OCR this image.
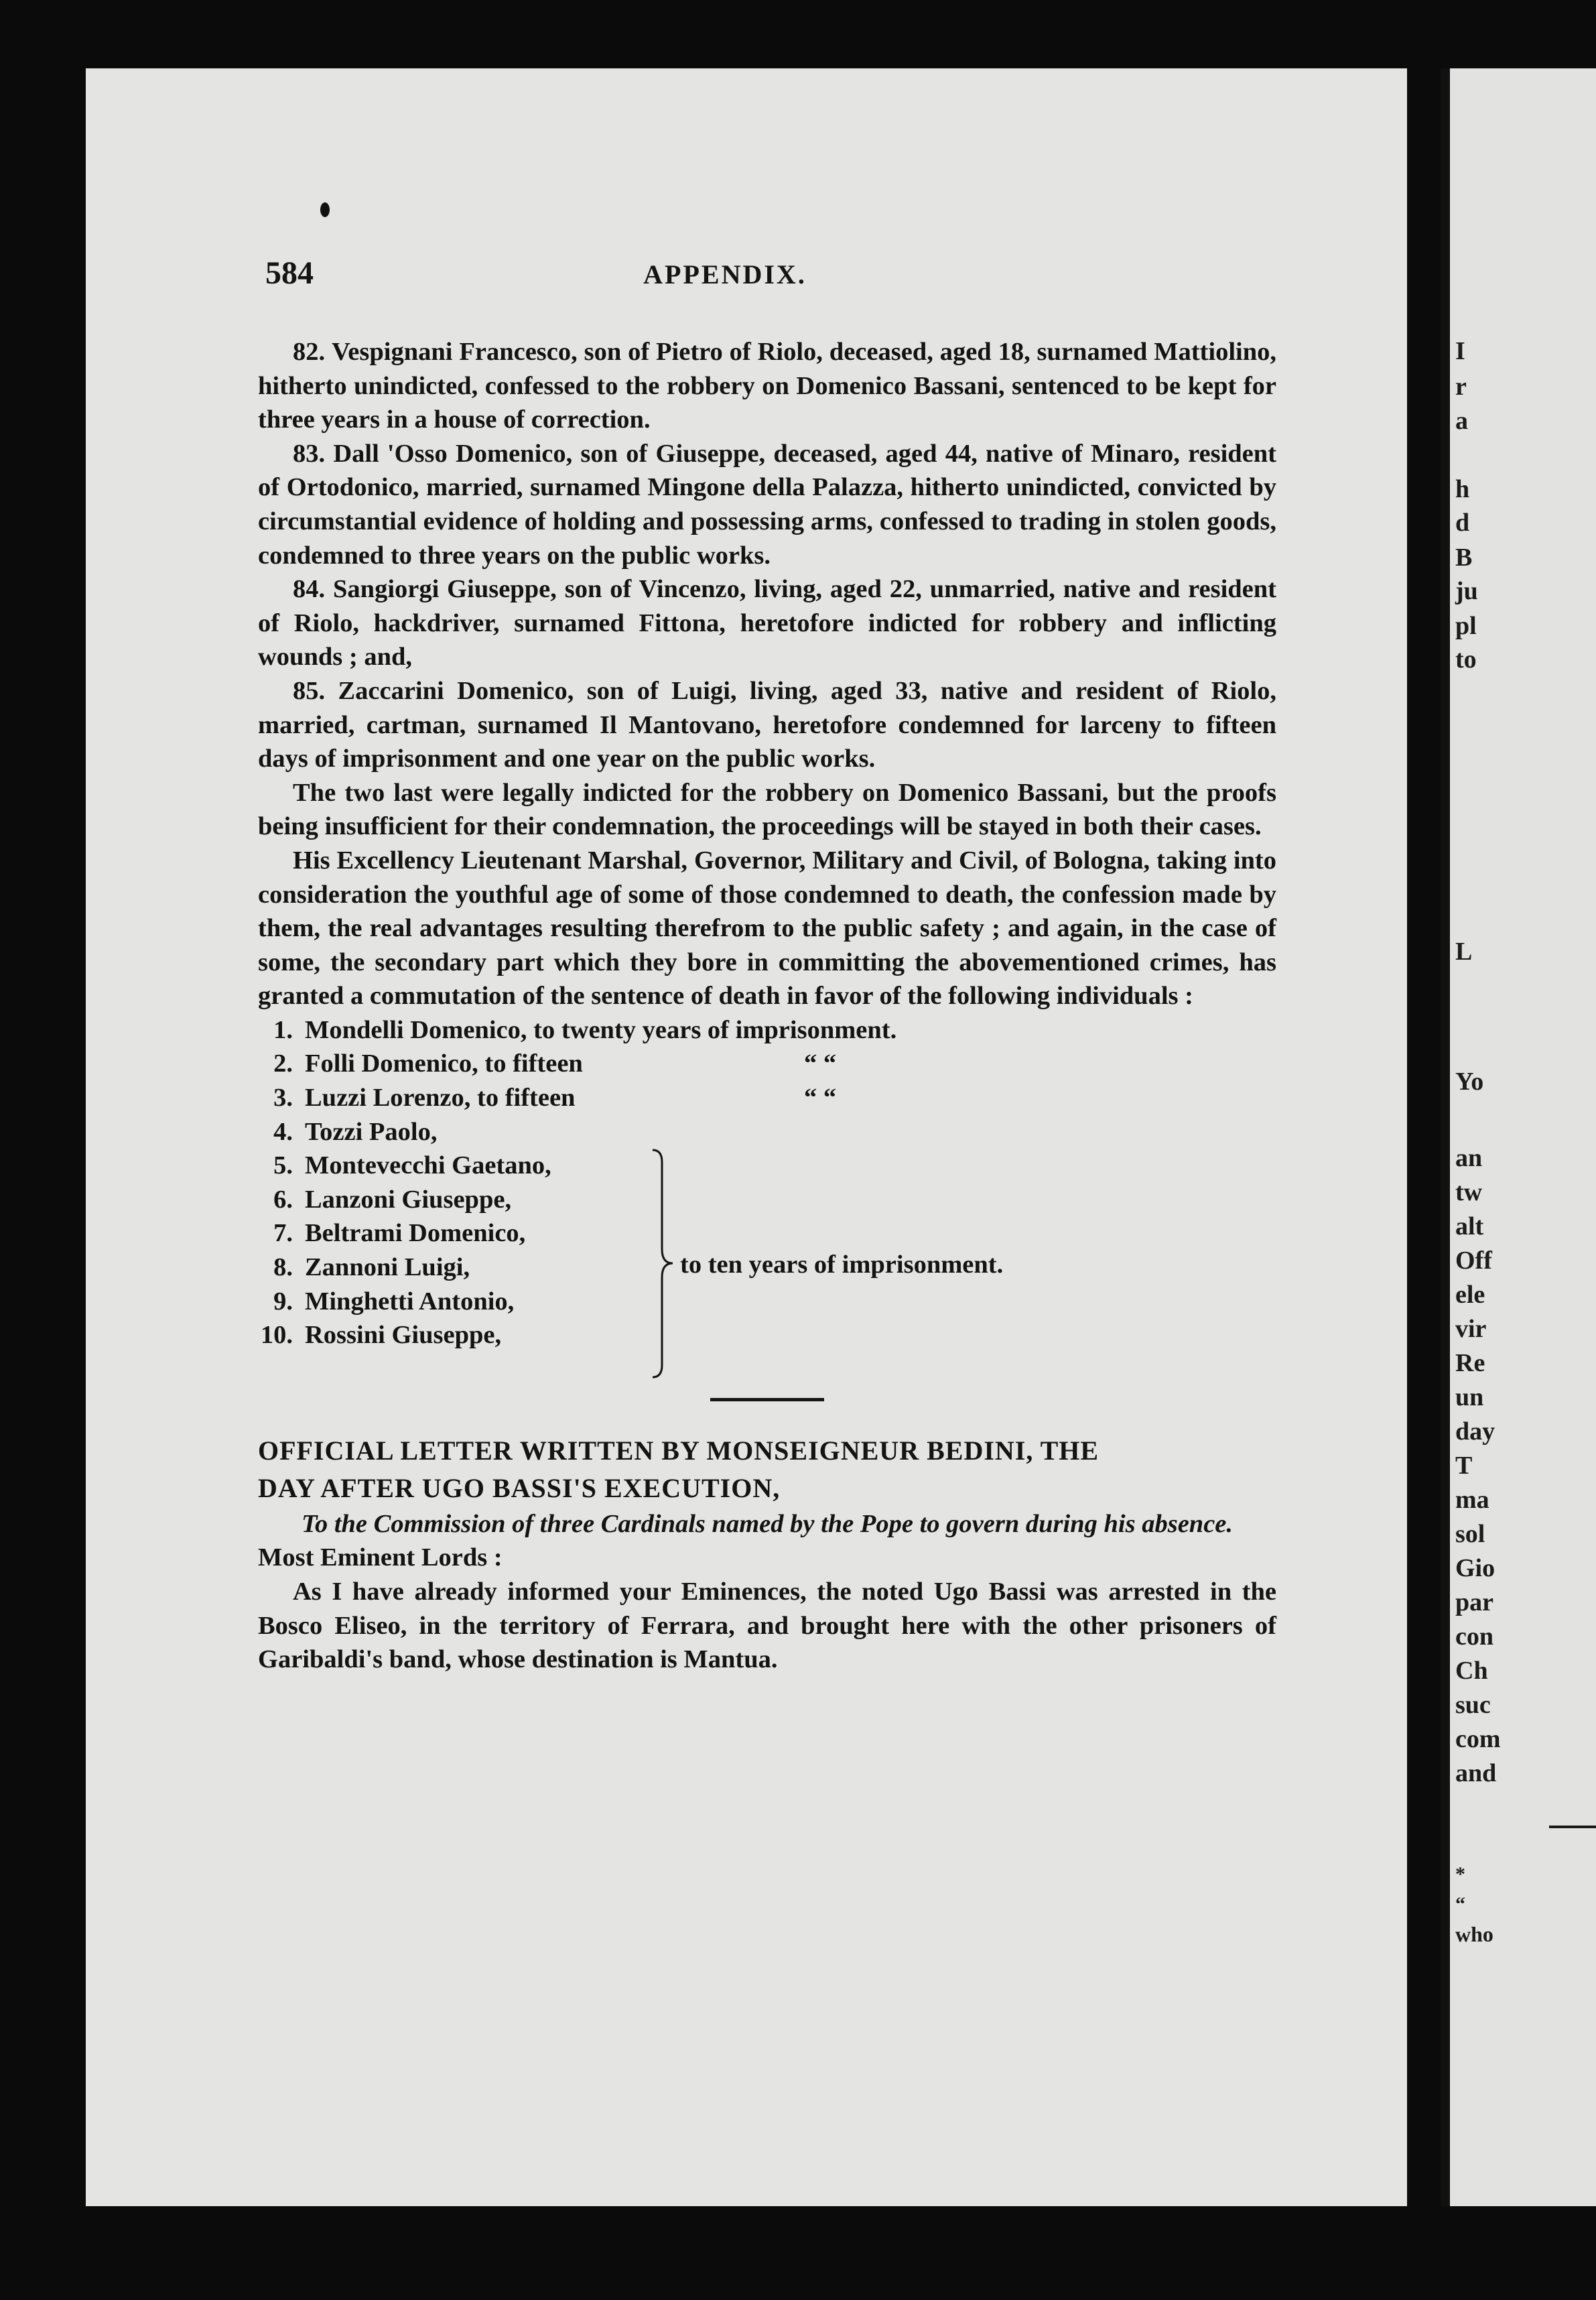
584	APPENDIX.

82. Vespignani Francesco, son of Pietro of Riolo, deceased, aged 18, surnamed Mattiolino, hitherto unindicted, confessed to the robbery on Domenico Bassani, sentenced to be kept for three years in a house of correction.

83. Dall 'Osso Domenico, son of Giuseppe, deceased, aged 44, native of Minaro, resident of Ortodonico, married, surnamed Mingone della Palazza, hitherto unindicted, convicted by circumstantial evidence of holding and possessing arms, confessed to trading in stolen goods, condemned to three years on the public works.

84. Sangiorgi Giuseppe, son of Vincenzo, living, aged 22, unmarried, native and resident of Riolo, hackdriver, surnamed Fittona, heretofore indicted for robbery and inflicting wounds ; and,

85. Zaccarini Domenico, son of Luigi, living, aged 33, native and resident of Riolo, married, cartman, surnamed Il Mantovano, heretofore condemned for larceny to fifteen days of imprisonment and one year on the public works.

The two last were legally indicted for the robbery on Domenico Bassani, but the proofs being insufficient for their condemnation, the proceedings will be stayed in both their cases.

His Excellency Lieutenant Marshal, Governor, Military and Civil, of Bologna, taking into consideration the youthful age of some of those condemned to death, the confession made by them, the real advantages resulting therefrom to the public safety ; and again, in the case of some, the secondary part which they bore in committing the abovementioned crimes, has granted a commutation of the sentence of death in favor of the following individuals :

1. Mondelli Domenico, to twenty years of imprisonment.
2. Folli Domenico, to fifteen	“ “
3. Luzzi Lorenzo, to fifteen	“ “
4. Tozzi Paolo,
5. Montevecchi Gaetano,
6. Lanzoni Giuseppe,
7. Beltrami Domenico,
8. Zannoni Luigi,
9. Minghetti Antonio,
10. Rossini Giuseppe,
to ten years of imprisonment.

OFFICIAL LETTER WRITTEN BY MONSEIGNEUR BEDINI, THE

DAY AFTER UGO BASSI'S EXECUTION,

To the Commission of three Cardinals named by the Pope to govern during his absence.

Most Eminent Lords :

As I have already informed your Eminences, the noted Ugo Bassi was arrested in the Bosco Eliseo, in the territory of Ferrara, and brought here with the other prisoners of Garibaldi's band, whose destination is Mantua.

I
r
a
h
d
B
ju
pl
to
L
Yo
an
tw
alt
Off
ele
vir
Re
un
day
T
ma
sol
Gio
par
con
Ch
suc
com
and
*
“
who
